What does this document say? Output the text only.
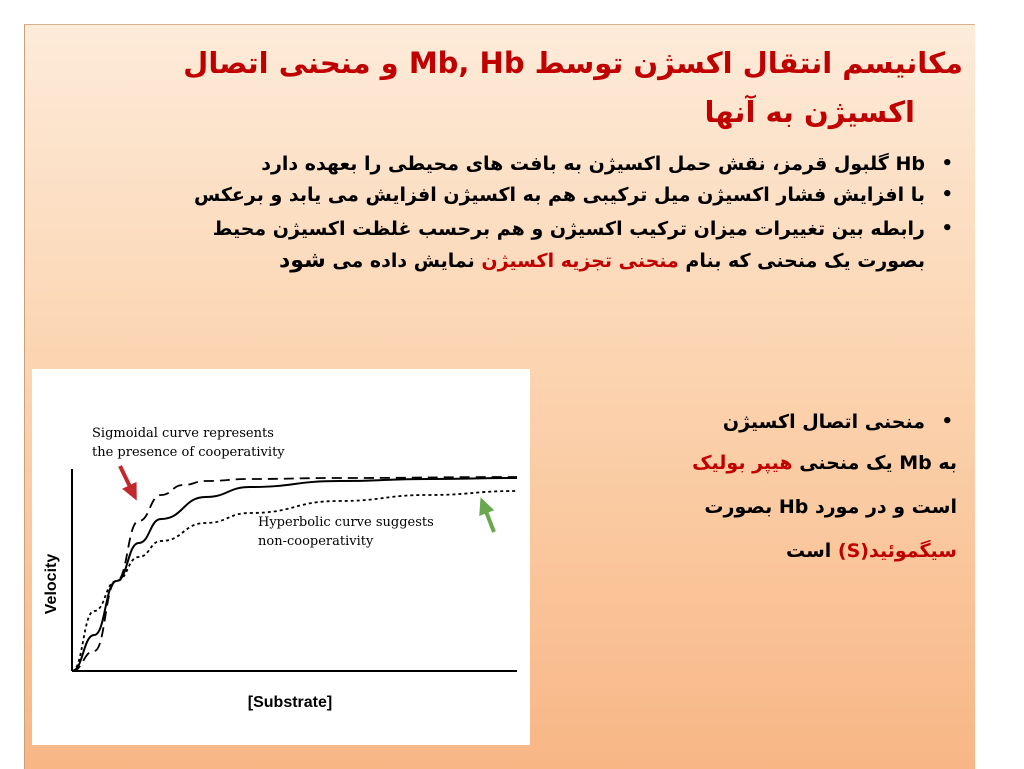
مکانیسم انتقال اکسژن توسط Mb, Hb و منحنی اتصال
اکسیژن به آنها
•
Hb گلبول قرمز، نقش حمل اکسیژن به بافت های محیطی را بعهده دارد
•
با افزایش فشار اکسیژن میل ترکیبی هم به اکسیژن افزایش می یابد و برعکس
•
رابطه بین تغییرات میزان ترکیب اکسیژن و هم برحسب غلظت اکسیژن محیط
بصورت یک منحنی که بنام منحنی تجزیه اکسیژن نمایش داده می شود
•
منحنی اتصال اکسیژن
به Mb یک منحنی هیپر بولیک
است و در مورد Hb بصورت
سیگموئید(S) است
Velocity
[Substrate]
Sigmoidal curve represents
the presence of cooperativity
Hyperbolic curve suggests
non-cooperativity
